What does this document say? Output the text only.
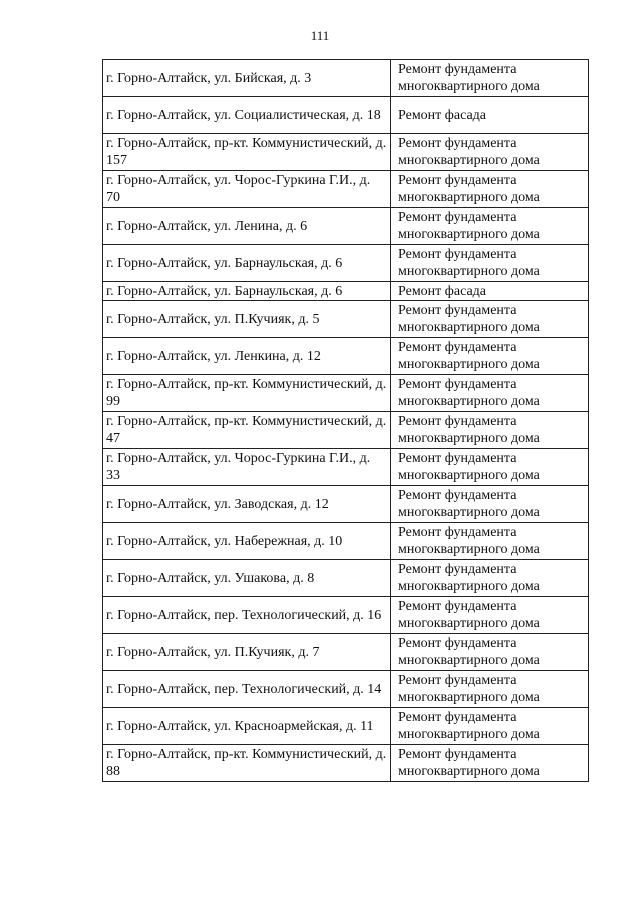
111
г. Горно-Алтайск, ул. Бийская, д. 3	Ремонт фундамента многоквартирного дома
г. Горно-Алтайск, ул. Социалистическая, д. 18	Ремонт фасада
г. Горно-Алтайск, пр-кт. Коммунистический, д. 157	Ремонт фундамента многоквартирного дома
г. Горно-Алтайск, ул. Чорос-Гуркина Г.И., д. 70	Ремонт фундамента многоквартирного дома
г. Горно-Алтайск, ул. Ленина, д. 6	Ремонт фундамента многоквартирного дома
г. Горно-Алтайск, ул. Барнаульская, д. 6	Ремонт фундамента многоквартирного дома
г. Горно-Алтайск, ул. Барнаульская, д. 6	Ремонт фасада
г. Горно-Алтайск, ул. П.Кучияк, д. 5	Ремонт фундамента многоквартирного дома
г. Горно-Алтайск, ул. Ленкина, д. 12	Ремонт фундамента многоквартирного дома
г. Горно-Алтайск, пр-кт. Коммунистический, д. 99	Ремонт фундамента многоквартирного дома
г. Горно-Алтайск, пр-кт. Коммунистический, д. 47	Ремонт фундамента многоквартирного дома
г. Горно-Алтайск, ул. Чорос-Гуркина Г.И., д. 33	Ремонт фундамента многоквартирного дома
г. Горно-Алтайск, ул. Заводская, д. 12	Ремонт фундамента многоквартирного дома
г. Горно-Алтайск, ул. Набережная, д. 10	Ремонт фундамента многоквартирного дома
г. Горно-Алтайск, ул. Ушакова, д. 8	Ремонт фундамента многоквартирного дома
г. Горно-Алтайск, пер. Технологический, д. 16	Ремонт фундамента многоквартирного дома
г. Горно-Алтайск, ул. П.Кучияк, д. 7	Ремонт фундамента многоквартирного дома
г. Горно-Алтайск, пер. Технологический, д. 14	Ремонт фундамента многоквартирного дома
г. Горно-Алтайск, ул. Красноармейская, д. 11	Ремонт фундамента многоквартирного дома
г. Горно-Алтайск, пр-кт. Коммунистический, д. 88	Ремонт фундамента многоквартирного дома
